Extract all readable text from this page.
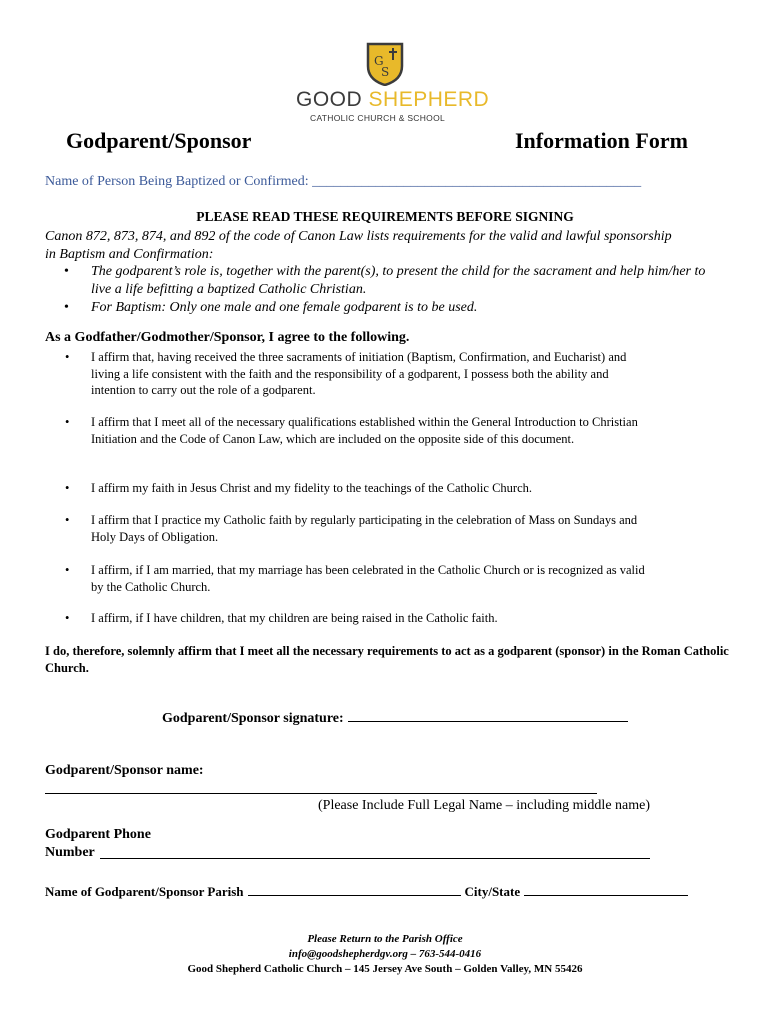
G
S
GOOD SHEPHERD
CATHOLIC CHURCH & SCHOOL
Godparent/Sponsor	Information Form
Name of Person Being Baptized or Confirmed: _______________________________________________
PLEASE READ THESE REQUIREMENTS BEFORE SIGNING
Canon 872, 873, 874, and 892 of the code of Canon Law lists requirements for the valid and lawful sponsorship in Baptism and Confirmation:
• The godparent’s role is, together with the parent(s), to present the child for the sacrament and help him/her to live a life befitting a baptized Catholic Christian.
• For Baptism: Only one male and one female godparent is to be used.
As a Godfather/Godmother/Sponsor, I agree to the following.
•	I affirm that, having received the three sacraments of initiation (Baptism, Confirmation, and Eucharist) and living a life consistent with the faith and the responsibility of a godparent, I possess both the ability and intention to carry out the role of a godparent.
•	I affirm that I meet all of the necessary qualifications established within the General Introduction to Christian Initiation and the Code of Canon Law, which are included on the opposite side of this document.
•	I affirm my faith in Jesus Christ and my fidelity to the teachings of the Catholic Church.
•	I affirm that I practice my Catholic faith by regularly participating in the celebration of Mass on Sundays and Holy Days of Obligation.
•	I affirm, if I am married, that my marriage has been celebrated in the Catholic Church or is recognized as valid by the Catholic Church.
•	I affirm, if I have children, that my children are being raised in the Catholic faith.
I do, therefore, solemnly affirm that I meet all the necessary requirements to act as a godparent (sponsor) in the Roman Catholic Church.
Godparent/Sponsor signature:
Godparent/Sponsor name:
(Please Include Full Legal Name – including middle name)
Godparent Phone
Number
Name of Godparent/Sponsor Parish	City/State
Please Return to the Parish Office
info@goodshepherdgv.org – 763-544-0416
Good Shepherd Catholic Church – 145 Jersey Ave South – Golden Valley, MN 55426
